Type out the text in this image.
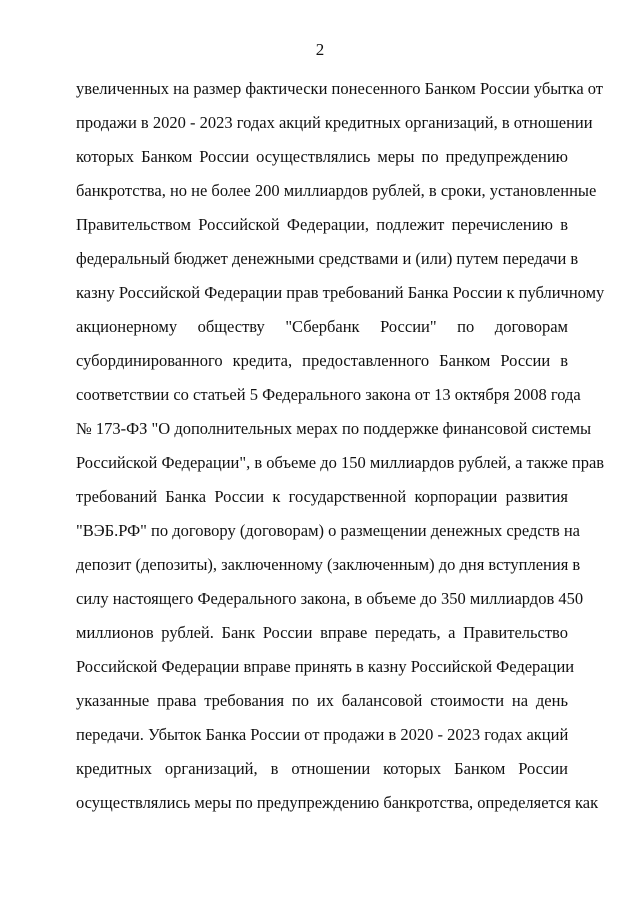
2
увеличенных на размер фактически понесенного Банком России убытка от
продажи в 2020 - 2023 годах акций кредитных организаций, в отношении
которых Банком России осуществлялись меры по предупреждению
банкротства, но не более 200 миллиардов рублей, в сроки, установленные
Правительством Российской Федерации, подлежит перечислению в
федеральный бюджет денежными средствами и (или) путем передачи в
казну Российской Федерации прав требований Банка России к публичному
акционерному обществу "Сбербанк России" по договорам
субординированного кредита, предоставленного Банком России в
соответствии со статьей 5 Федерального закона от 13 октября 2008 года
№ 173-ФЗ "О дополнительных мерах по поддержке финансовой системы
Российской Федерации", в объеме до 150 миллиардов рублей, а также прав
требований Банка России к государственной корпорации развития
"ВЭБ.РФ" по договору (договорам) о размещении денежных средств на
депозит (депозиты), заключенному (заключенным) до дня вступления в
силу настоящего Федерального закона, в объеме до 350 миллиардов 450
миллионов рублей. Банк России вправе передать, а Правительство
Российской Федерации вправе принять в казну Российской Федерации
указанные права требования по их балансовой стоимости на день
передачи. Убыток Банка России от продажи в 2020 - 2023 годах акций
кредитных организаций, в отношении которых Банком России
осуществлялись меры по предупреждению банкротства, определяется как
